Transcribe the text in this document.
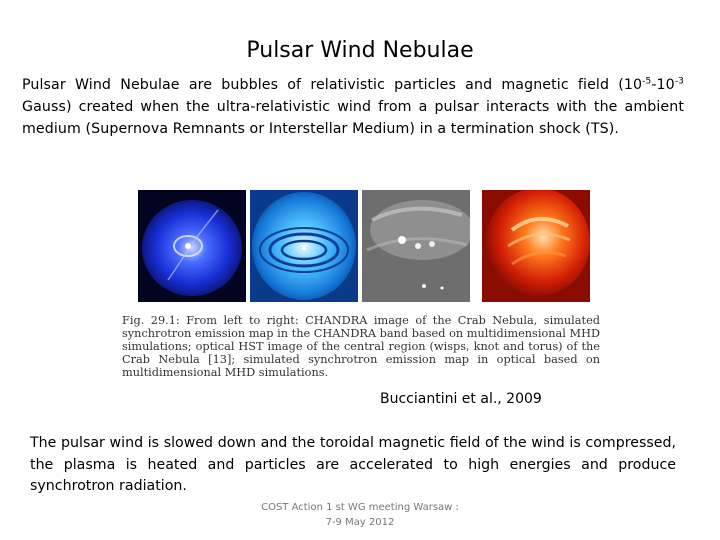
Pulsar Wind Nebulae
Pulsar Wind Nebulae are bubbles of relativistic particles and magnetic field ($10^{-5}-10^{-3}$ Gauss) created when the ultra-relativistic wind from a pulsar interacts with the ambient medium (Supernova Remnants or Interstellar Medium) in a termination shock (TS).
Fig. 29.1: From left to right: CHANDRA image of the Crab Nebula, simulated synchrotron emission map in the CHANDRA band based on multidimensional MHD simulations; optical HST image of the central region (wisps, knot and torus) of the Crab Nebula [13]; simulated synchrotron emission map in optical based on multidimensional MHD simulations.
Bucciantini et al., 2009
The pulsar wind is slowed down and the toroidal magnetic field of the wind is compressed, the plasma is heated and particles are accelerated to high energies and produce synchrotron radiation.
COST Action 1 st WG meeting Warsaw :
7-9 May 2012
